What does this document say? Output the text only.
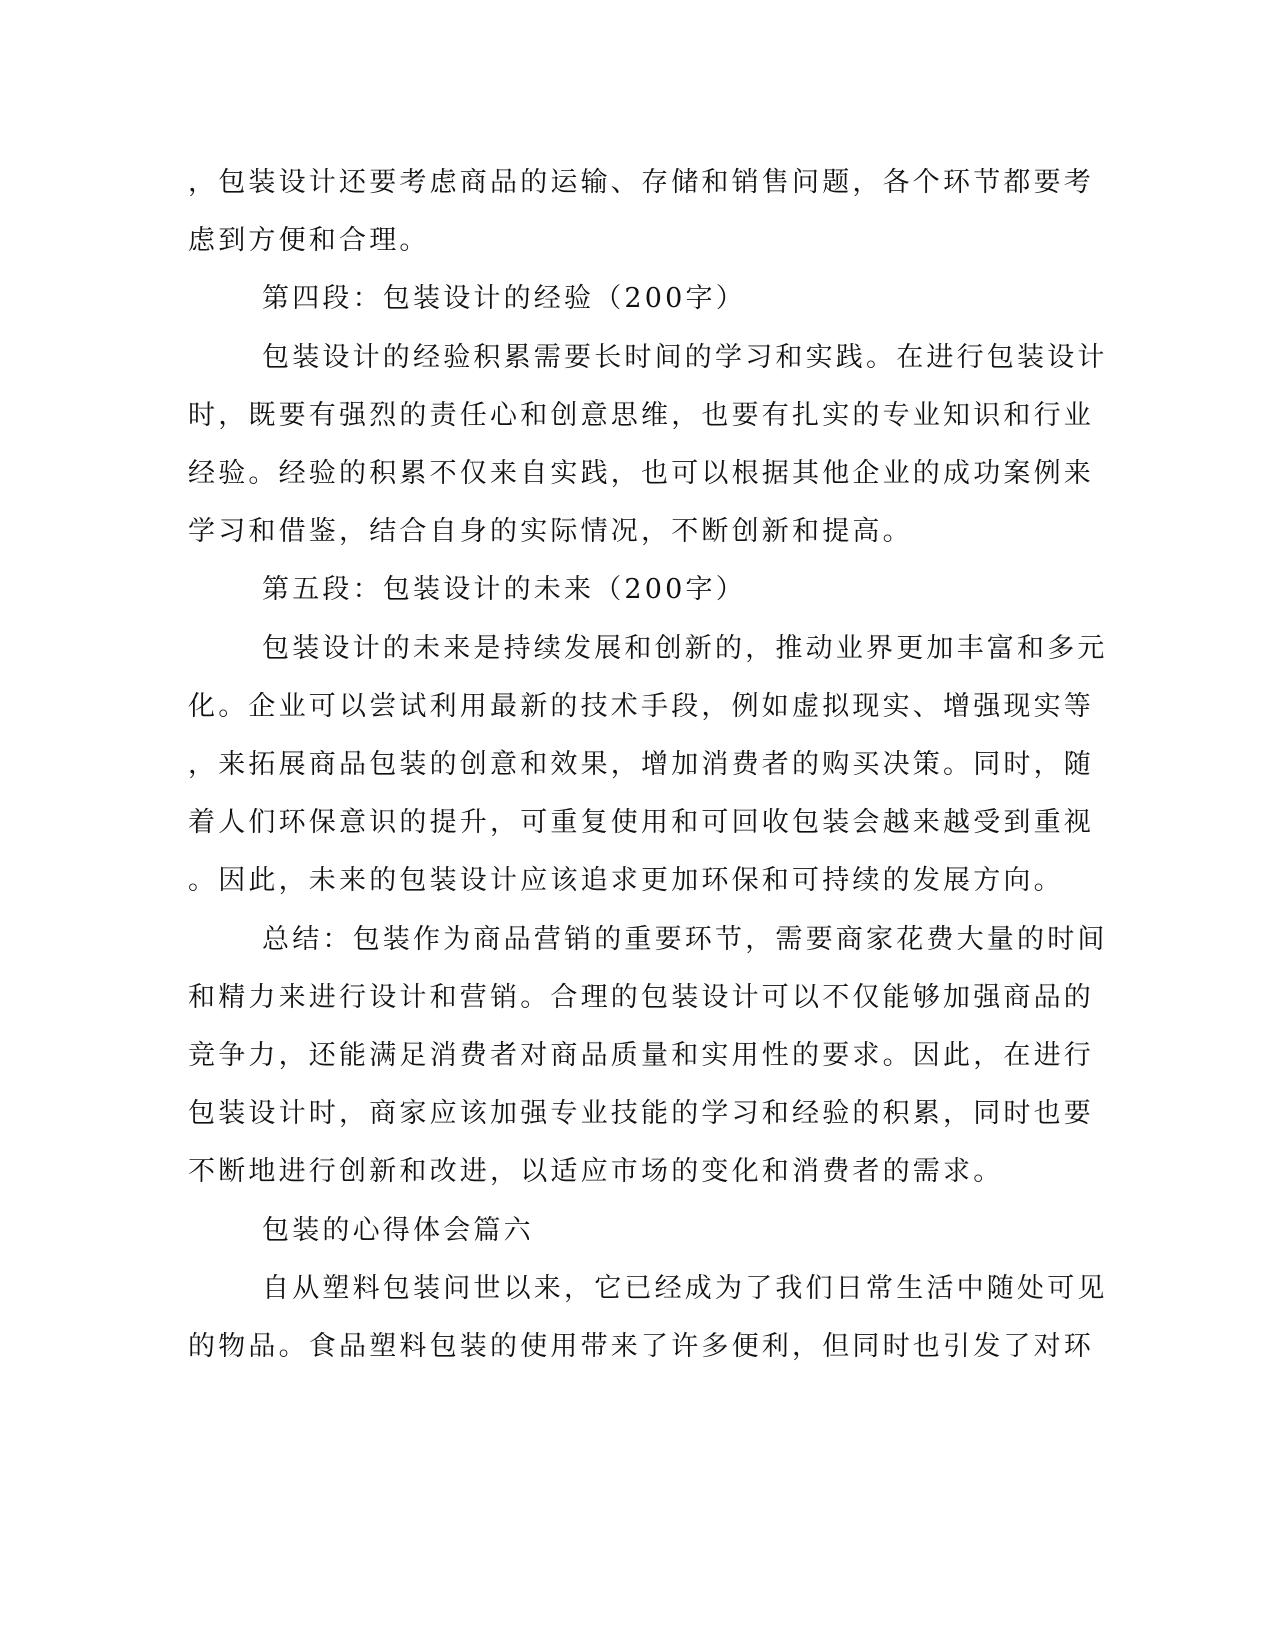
，包装设计还要考虑商品的运输、存储和销售问题，各个环节都要考
虑到方便和合理。
第四段：包装设计的经验（200字）
包装设计的经验积累需要长时间的学习和实践。在进行包装设计
时，既要有强烈的责任心和创意思维，也要有扎实的专业知识和行业
经验。经验的积累不仅来自实践，也可以根据其他企业的成功案例来
学习和借鉴，结合自身的实际情况，不断创新和提高。
第五段：包装设计的未来（200字）
包装设计的未来是持续发展和创新的，推动业界更加丰富和多元
化。企业可以尝试利用最新的技术手段，例如虚拟现实、增强现实等
，来拓展商品包装的创意和效果，增加消费者的购买决策。同时，随
着人们环保意识的提升，可重复使用和可回收包装会越来越受到重视
。因此，未来的包装设计应该追求更加环保和可持续的发展方向。
总结：包装作为商品营销的重要环节，需要商家花费大量的时间
和精力来进行设计和营销。合理的包装设计可以不仅能够加强商品的
竞争力，还能满足消费者对商品质量和实用性的要求。因此，在进行
包装设计时，商家应该加强专业技能的学习和经验的积累，同时也要
不断地进行创新和改进，以适应市场的变化和消费者的需求。
包装的心得体会篇六
自从塑料包装问世以来，它已经成为了我们日常生活中随处可见
的物品。食品塑料包装的使用带来了许多便利，但同时也引发了对环
